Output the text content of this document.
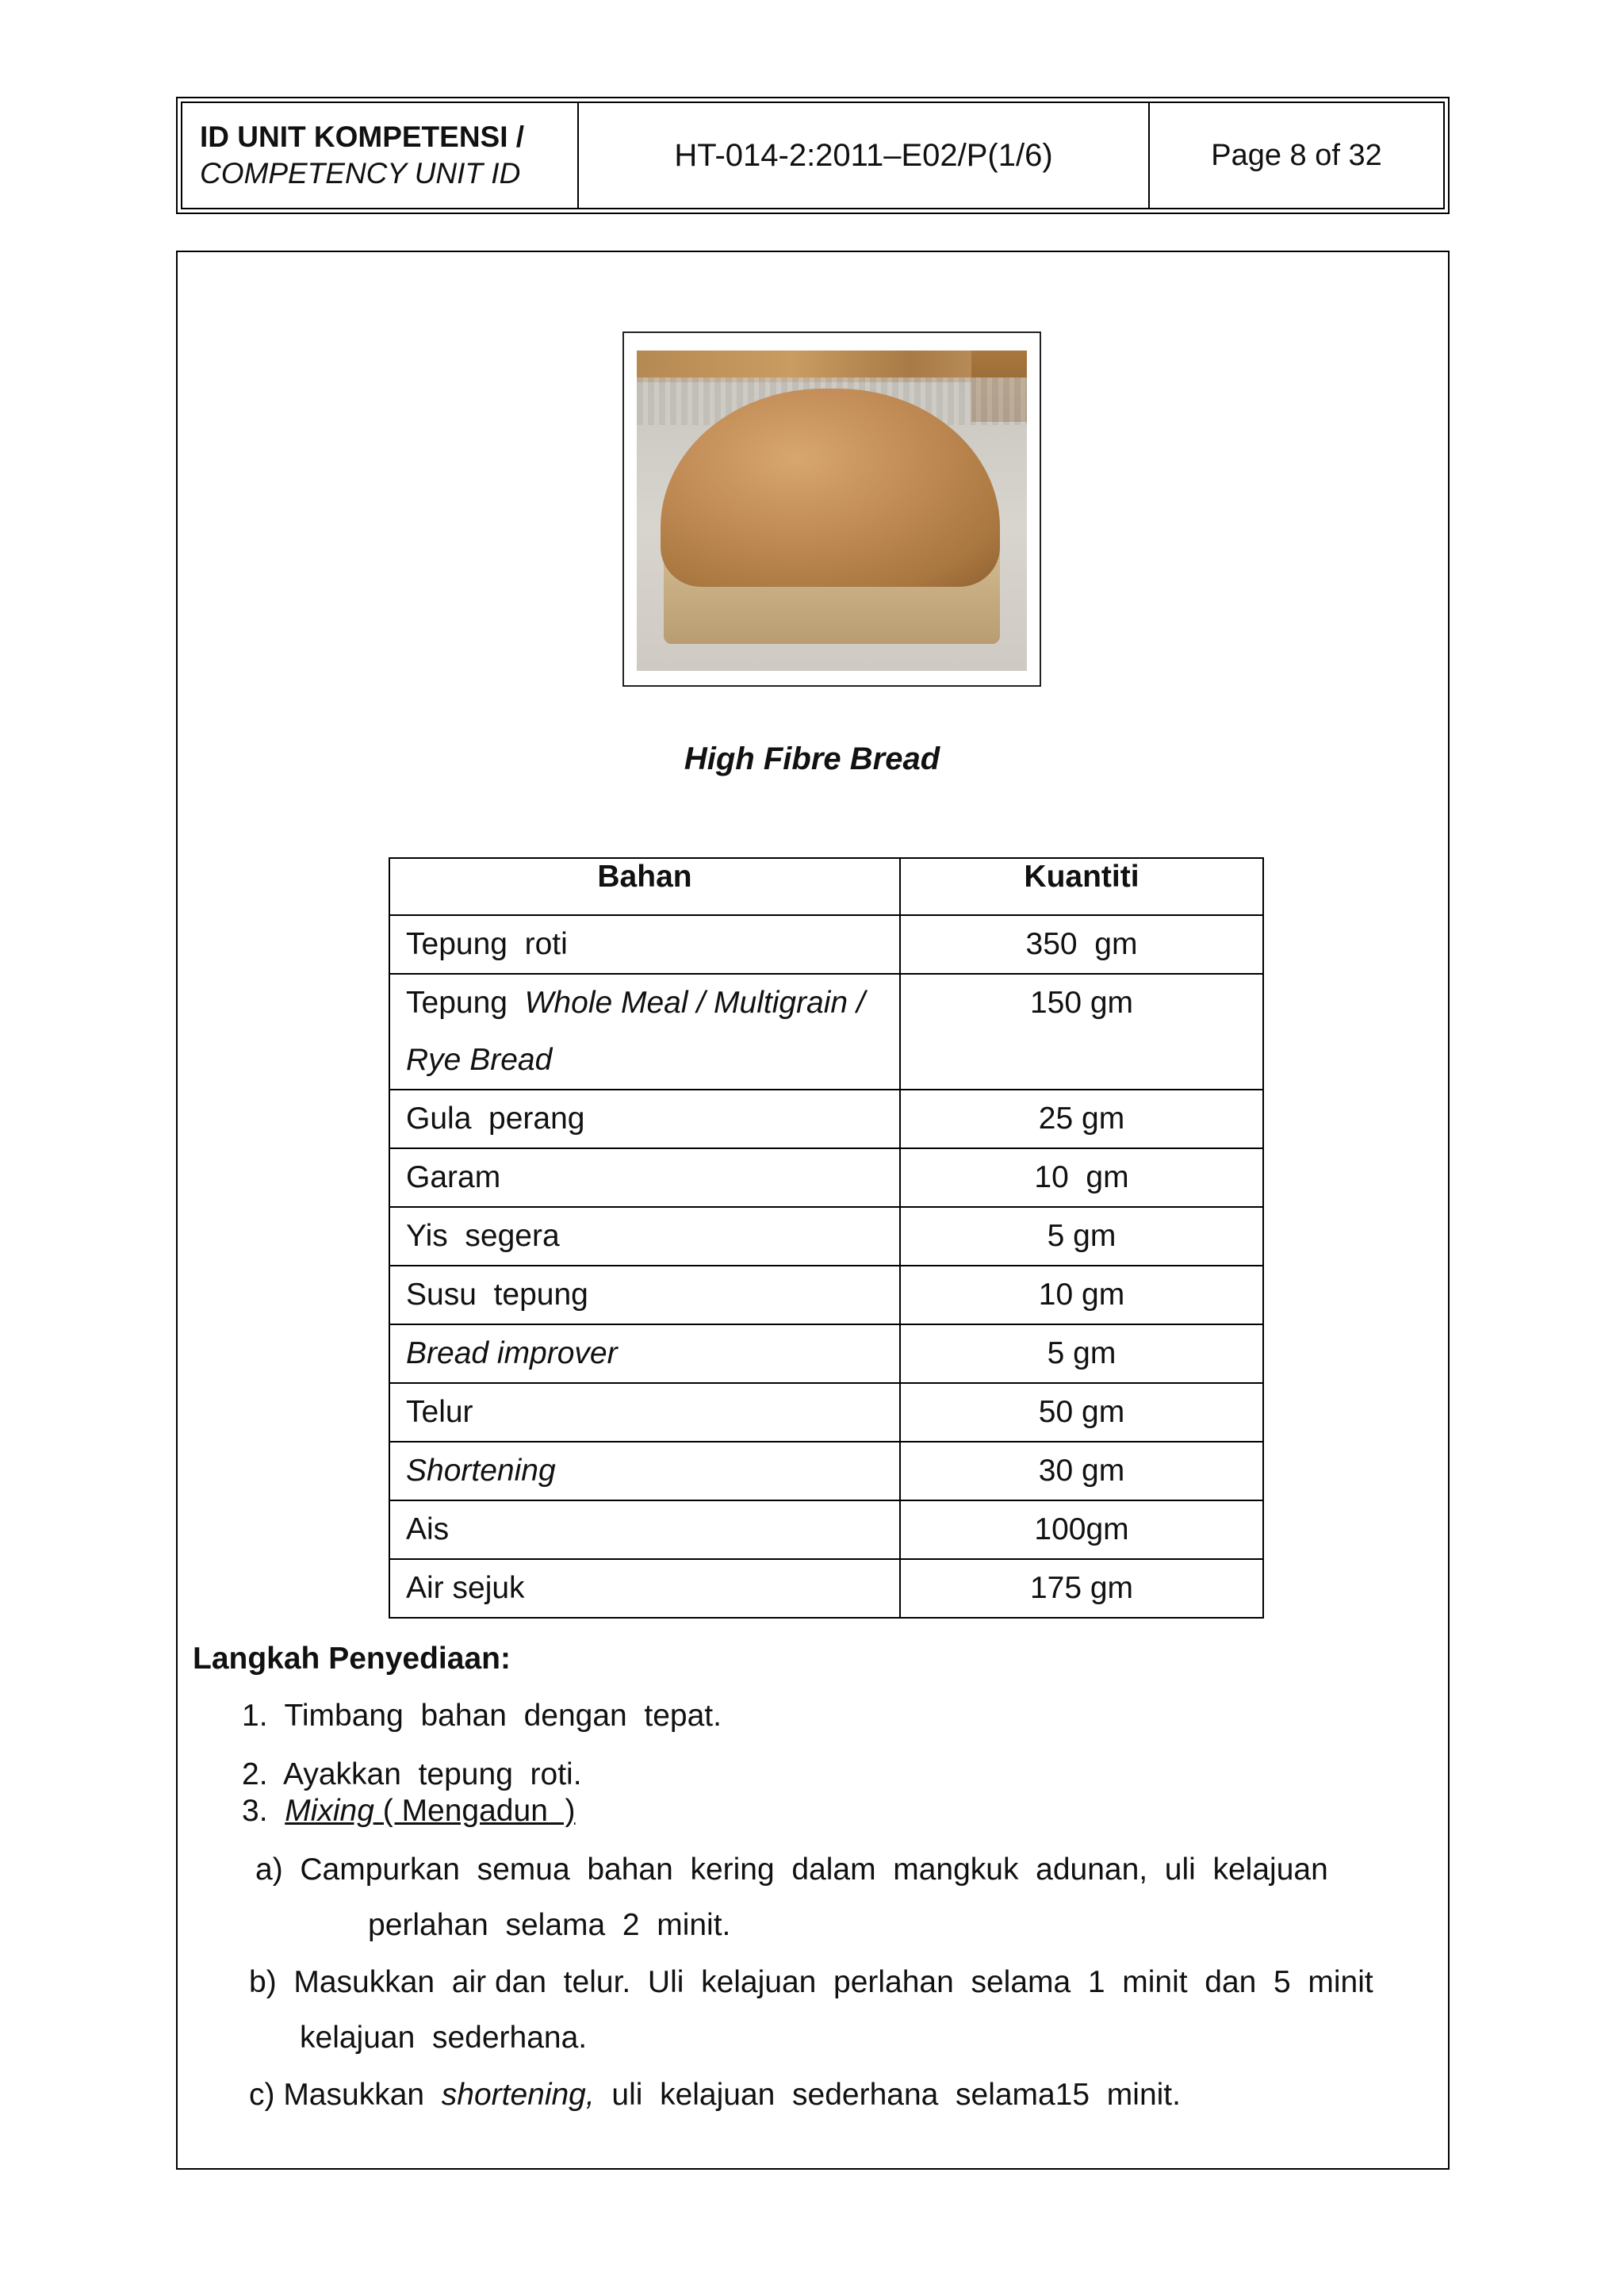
ID UNIT KOMPETENSI /
COMPETENCY UNIT ID
HT-014-2:2011–E02/P(1/6)	Page 8 of 32
High Fibre Bread
Bahan	Kuantiti
Tepung  roti	350  gm
Tepung  Whole Meal / Multigrain /
Rye Bread	150 gm
Gula  perang	25 gm
Garam	10  gm
Yis  segera	5 gm
Susu  tepung	10 gm
Bread improver	5 gm
Telur	50 gm
Shortening	30 gm
Ais	100gm
Air sejuk	175 gm
Langkah Penyediaan:
1.  Timbang  bahan  dengan  tepat.
2.  Ayakkan  tepung  roti.
3.  Mixing ( Mengadun  )
a)  Campurkan  semua  bahan  kering  dalam  mangkuk  adunan,  uli  kelajuan
perlahan  selama  2  minit.
b)  Masukkan  air dan  telur.  Uli  kelajuan  perlahan  selama  1  minit  dan  5  minit
kelajuan  sederhana.
c) Masukkan  shortening,  uli  kelajuan  sederhana  selama15  minit.
